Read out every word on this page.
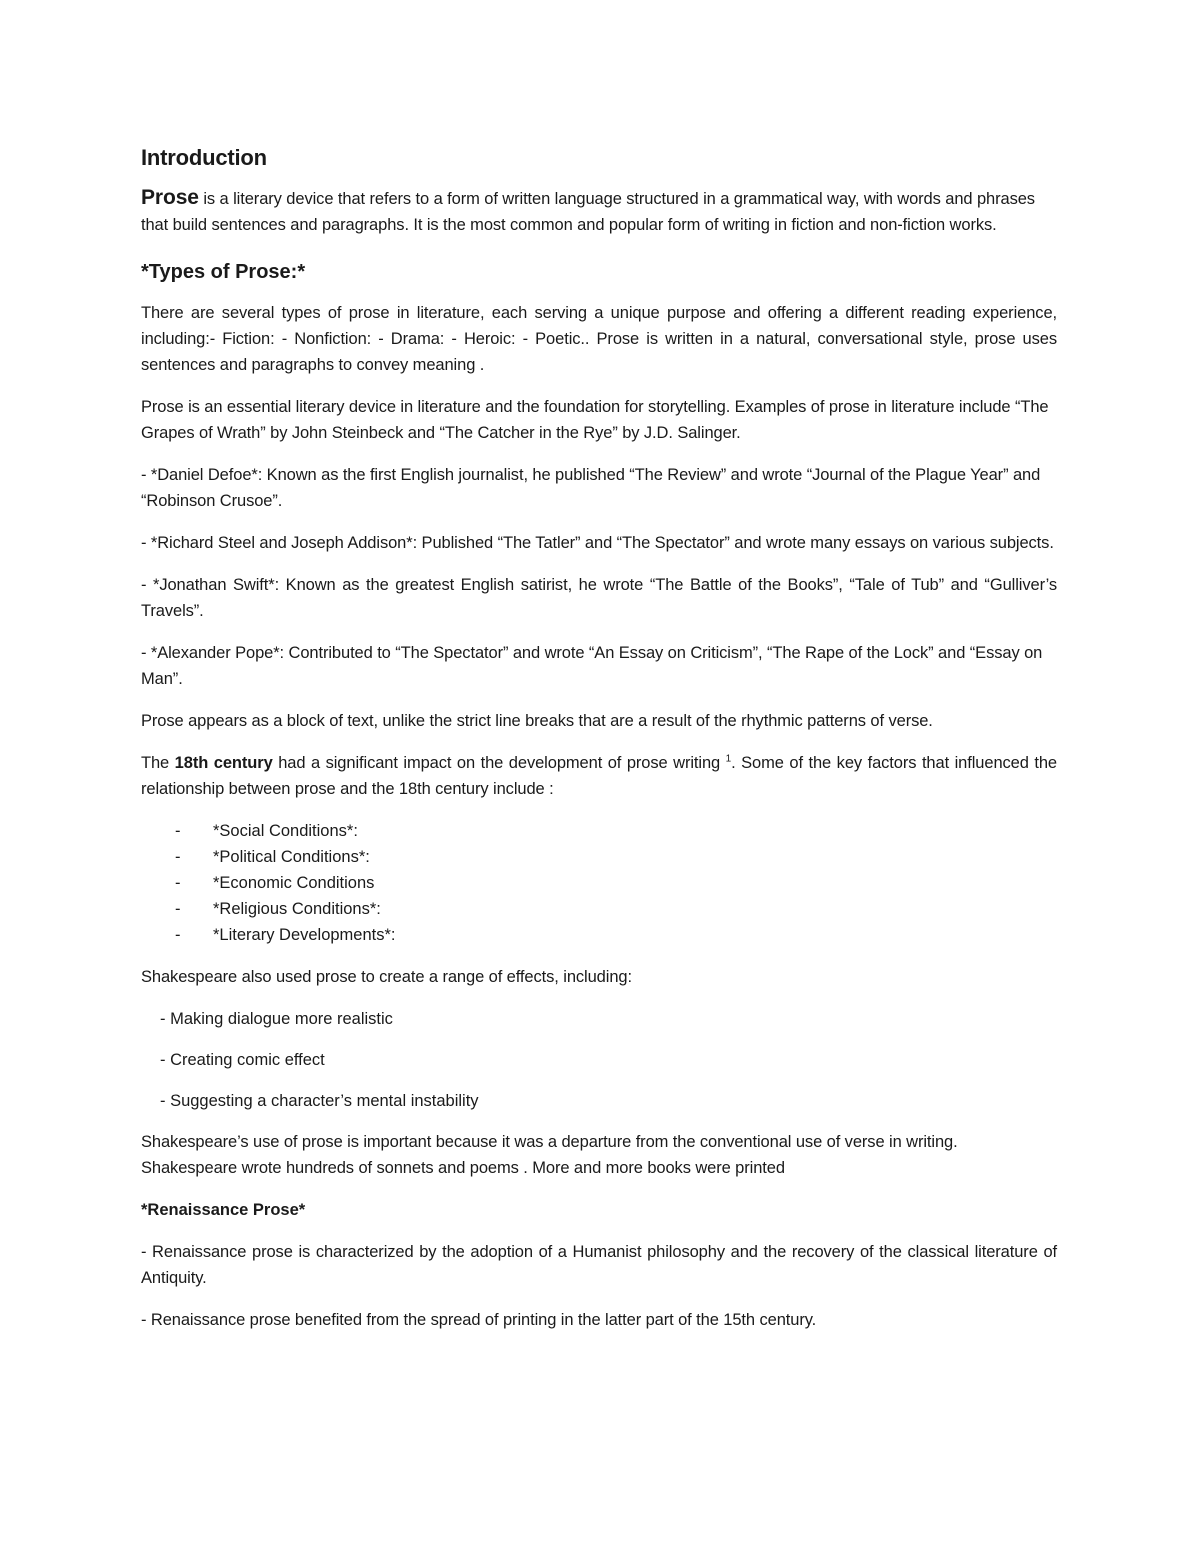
Introduction

Prose is a literary device that refers to a form of written language structured in a grammatical way, with words and phrases that build sentences and paragraphs. It is the most common and popular form of writing in fiction and non-fiction works.

*Types of Prose:*

There are several types of prose in literature, each serving a unique purpose and offering a different reading experience, including:- Fiction: - Nonfiction: - Drama: - Heroic: - Poetic.. Prose is written in a natural, conversational style, prose uses sentences and paragraphs to convey meaning .

Prose is an essential literary device in literature and the foundation for storytelling. Examples of prose in literature include “The Grapes of Wrath” by John Steinbeck and “The Catcher in the Rye” by J.D. Salinger.

- *Daniel Defoe*: Known as the first English journalist, he published “The Review” and wrote “Journal of the Plague Year” and “Robinson Crusoe”.

- *Richard Steel and Joseph Addison*: Published “The Tatler” and “The Spectator” and wrote many essays on various subjects.

- *Jonathan Swift*: Known as the greatest English satirist, he wrote “The Battle of the Books”, “Tale of Tub” and “Gulliver’s Travels”.

- *Alexander Pope*: Contributed to “The Spectator” and wrote “An Essay on Criticism”, “The Rape of the Lock” and “Essay on Man”.

Prose appears as a block of text, unlike the strict line breaks that are a result of the rhythmic patterns of verse.

The 18th century had a significant impact on the development of prose writing $^1$. Some of the key factors that influenced the relationship between prose and the 18th century include :

- *Social Conditions*:
- *Political Conditions*:
- *Economic Conditions
- *Religious Conditions*:
- *Literary Developments*:

Shakespeare also used prose to create a range of effects, including:

- Making dialogue more realistic
- Creating comic effect
- Suggesting a character’s mental instability

Shakespeare’s use of prose is important because it was a departure from the conventional use of verse in writing. Shakespeare wrote hundreds of sonnets and poems . More and more books were printed

*Renaissance Prose*

- Renaissance prose is characterized by the adoption of a Humanist philosophy and the recovery of the classical literature of Antiquity.

- Renaissance prose benefited from the spread of printing in the latter part of the 15th century.
